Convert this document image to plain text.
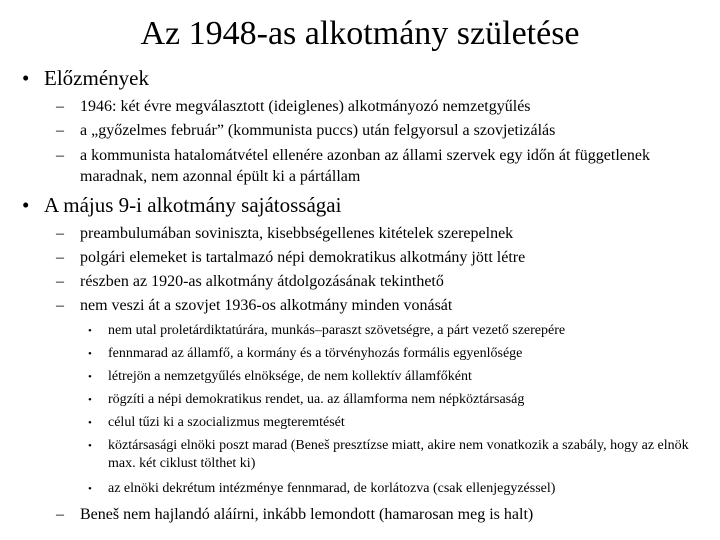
Az 1948-as alkotmány születése
• Előzmények
– 1946: két évre megválasztott (ideiglenes) alkotmányozó nemzetgyűlés
– a „győzelmes február” (kommunista puccs) után felgyorsul a szovjetizálás
– a kommunista hatalomátvétel ellenére azonban az állami szervek egy időn át függetlenek maradnak, nem azonnal épült ki a pártállam
• A május 9-i alkotmány sajátosságai
– preambulumában soviniszta, kisebbségellenes kitételek szerepelnek
– polgári elemeket is tartalmazó népi demokratikus alkotmány jött létre
– részben az 1920-as alkotmány átdolgozásának tekinthető
– nem veszi át a szovjet 1936-os alkotmány minden vonását
• nem utal proletárdiktatúrára, munkás–paraszt szövetségre, a párt vezető szerepére
• fennmarad az államfő, a kormány és a törvényhozás formális egyenlősége
• létrejön a nemzetgyűlés elnöksége, de nem kollektív államfőként
• rögzíti a népi demokratikus rendet, ua. az államforma nem népköztársaság
• célul tűzi ki a szocializmus megteremtését
• köztársasági elnöki poszt marad (Beneš presztízse miatt, akire nem vonatkozik a szabály, hogy az elnök max. két ciklust tölthet ki)
• az elnöki dekrétum intézménye fennmarad, de korlátozva (csak ellenjegyzéssel)
– Beneš nem hajlandó aláírni, inkább lemondott (hamarosan meg is halt)
